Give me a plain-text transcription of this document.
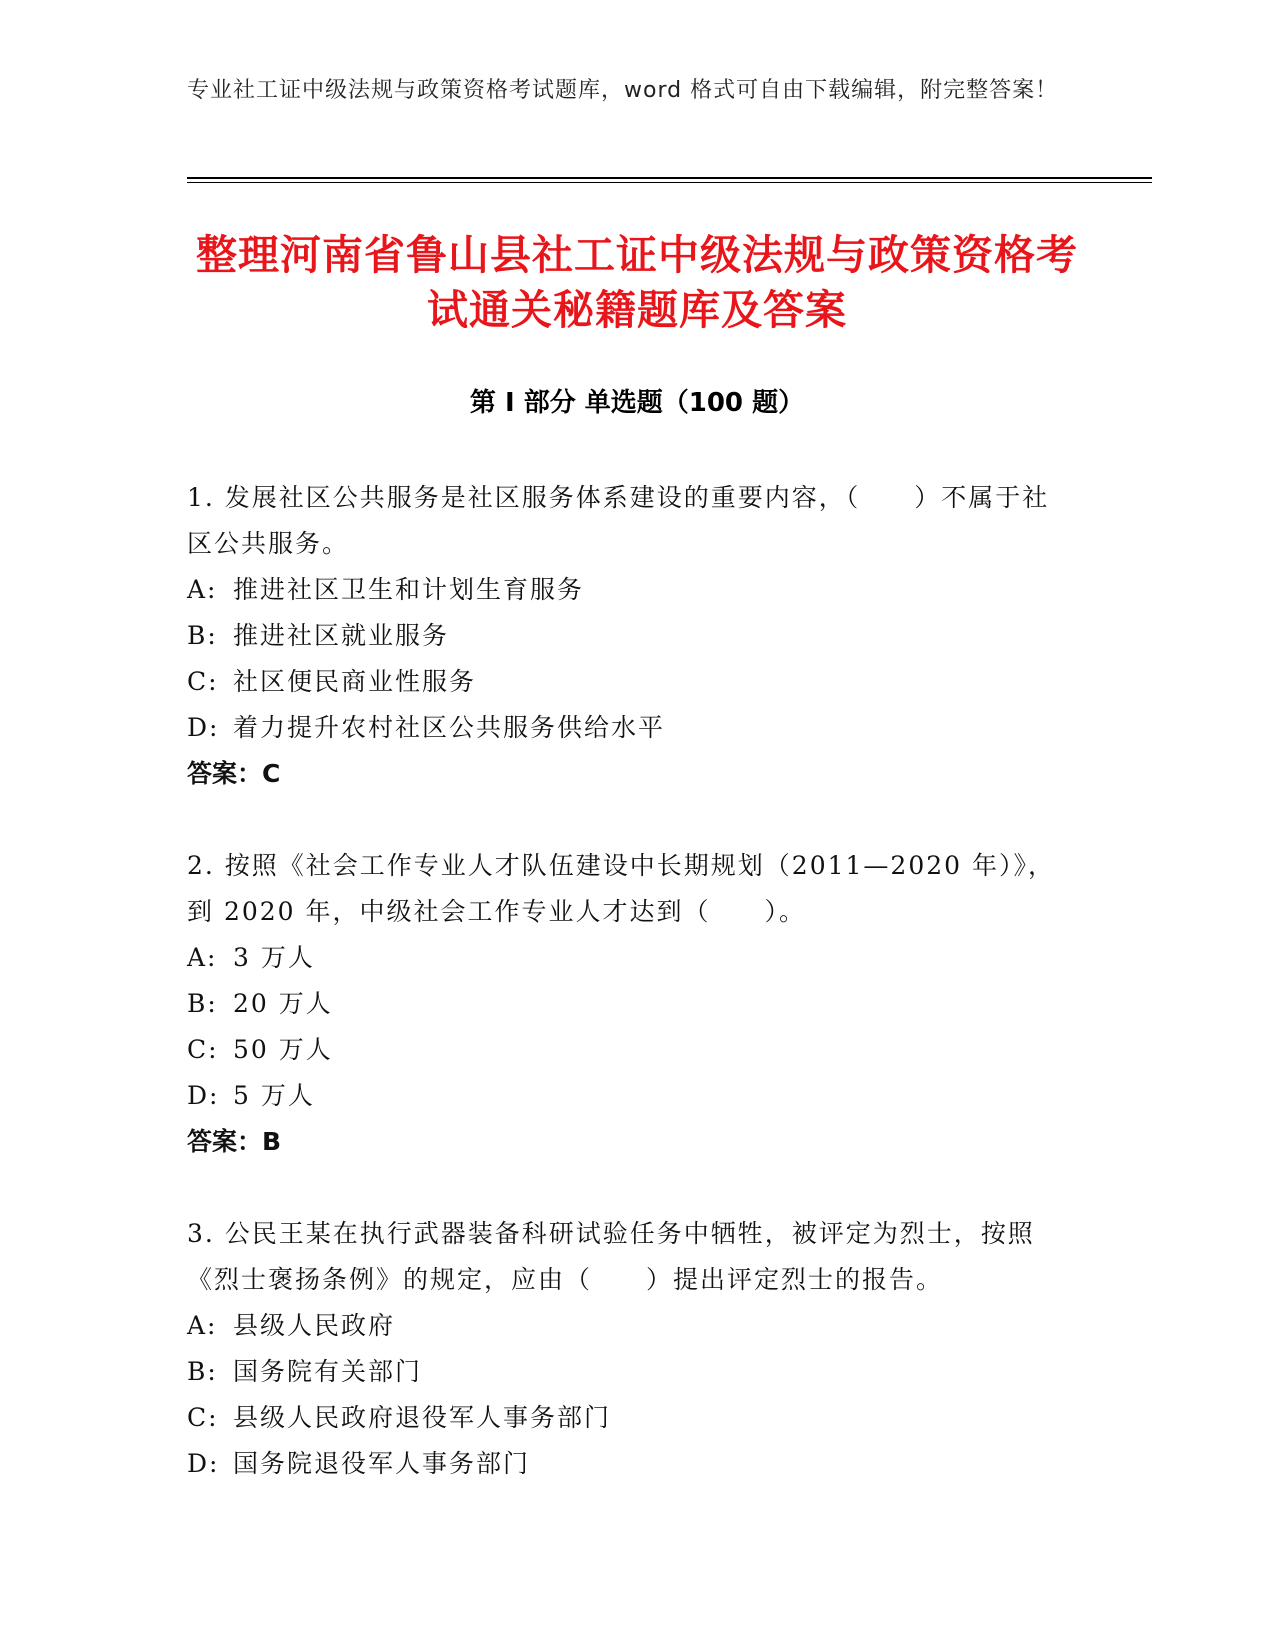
专业社工证中级法规与政策资格考试题库，word 格式可自由下载编辑，附完整答案！
整理河南省鲁山县社工证中级法规与政策资格考试通关秘籍题库及答案
第 I 部分 单选题（100 题）

1. 发展社区公共服务是社区服务体系建设的重要内容，（　　）不属于社区公共服务。

A: 推进社区卫生和计划生育服务

B: 推进社区就业服务

C: 社区便民商业性服务

D: 着力提升农村社区公共服务供给水平

答案：C

2. 按照《社会工作专业人才队伍建设中长期规划（2011—2020 年）》，到 2020 年，中级社会工作专业人才达到（　　）。

A: 3 万人

B: 20 万人

C: 50 万人

D: 5 万人

答案：B

3. 公民王某在执行武器装备科研试验任务中牺牲，被评定为烈士，按照《烈士褒扬条例》的规定，应由（　　）提出评定烈士的报告。

A: 县级人民政府

B: 国务院有关部门

C: 县级人民政府退役军人事务部门

D: 国务院退役军人事务部门
